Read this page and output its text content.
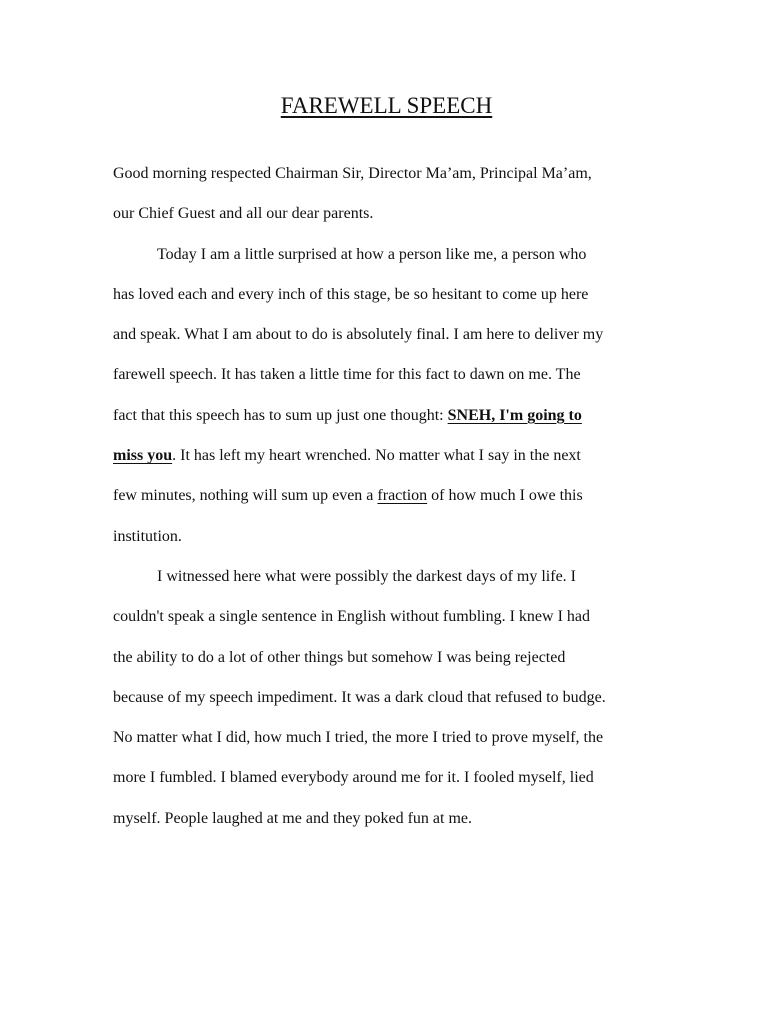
FAREWELL SPEECH
Good morning respected Chairman Sir, Director Ma’am, Principal Ma’am,
our Chief Guest and all our dear parents.
Today I am a little surprised at how a person like me, a person who
has loved each and every inch of this stage, be so hesitant to come up here
and speak. What I am about to do is absolutely final. I am here to deliver my
farewell speech. It has taken a little time for this fact to dawn on me. The
fact that this speech has to sum up just one thought: SNEH, I'm going to
miss you. It has left my heart wrenched. No matter what I say in the next
few minutes, nothing will sum up even a fraction of how much I owe this
institution.
I witnessed here what were possibly the darkest days of my life. I
couldn't speak a single sentence in English without fumbling. I knew I had
the ability to do a lot of other things but somehow I was being rejected
because of my speech impediment. It was a dark cloud that refused to budge.
No matter what I did, how much I tried, the more I tried to prove myself, the
more I fumbled. I blamed everybody around me for it. I fooled myself, lied
myself. People laughed at me and they poked fun at me.
